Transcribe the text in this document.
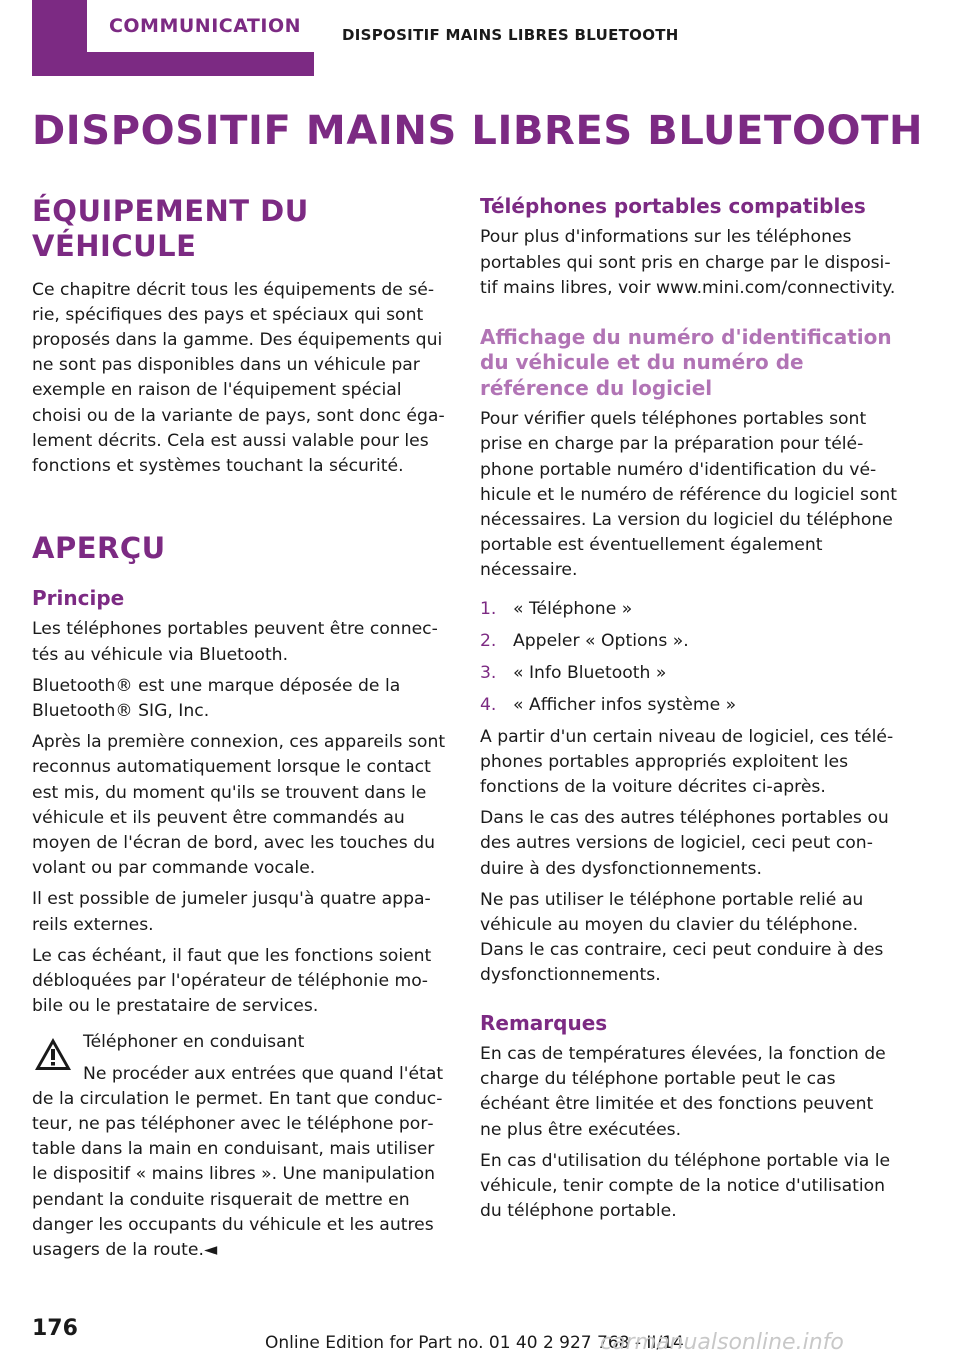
COMMUNICATION	DISPOSITIF MAINS LIBRES BLUETOOTH
DISPOSITIF MAINS LIBRES BLUETOOTH
ÉQUIPEMENT DU VÉHICULE

Ce chapitre décrit tous les équipements de série, spécifiques des pays et spéciaux qui sont proposés dans la gamme. Des équipements qui ne sont pas disponibles dans un véhicule par exemple en raison de l'équipement spécial choisi ou de la variante de pays, sont donc également décrits. Cela est aussi valable pour les fonctions et systèmes touchant la sécurité.

APERÇU
Principe

Les téléphones portables peuvent être connectés au véhicule via Bluetooth.

Bluetooth® est une marque déposée de la Bluetooth® SIG, Inc.

Après la première connexion, ces appareils sont reconnus automatiquement lorsque le contact est mis, du moment qu'ils se trouvent dans le véhicule et ils peuvent être commandés au moyen de l'écran de bord, avec les touches du volant ou par commande vocale.

Il est possible de jumeler jusqu'à quatre appareils externes.

Le cas échéant, il faut que les fonctions soient débloquées par l'opérateur de téléphonie mobile ou le prestataire de services.

Téléphoner en conduisant

Ne procéder aux entrées que quand l'état de la circulation le permet. En tant que conducteur, ne pas téléphoner avec le téléphone portable dans la main en conduisant, mais utiliser le dispositif « mains libres ». Une manipulation pendant la conduite risquerait de mettre en danger les occupants du véhicule et les autres usagers de la route.◄

Téléphones portables compatibles

Pour plus d'informations sur les téléphones portables qui sont pris en charge par le dispositif mains libres, voir www.mini.com/connectivity.

Affichage du numéro d'identification du véhicule et du numéro de référence du logiciel

Pour vérifier quels téléphones portables sont prise en charge par la préparation pour téléphone portable numéro d'identification du véhicule et le numéro de référence du logiciel sont nécessaires. La version du logiciel du téléphone portable est éventuellement également nécessaire.

1. « Téléphone »
2. Appeler « Options ».
3. « Info Bluetooth »
4. « Afficher infos système »

A partir d'un certain niveau de logiciel, ces téléphones portables appropriés exploitent les fonctions de la voiture décrites ci-après.

Dans le cas des autres téléphones portables ou des autres versions de logiciel, ceci peut conduire à des dysfonctionnements.

Ne pas utiliser le téléphone portable relié au véhicule au moyen du clavier du téléphone. Dans le cas contraire, ceci peut conduire à des dysfonctionnements.

Remarques

En cas de températures élevées, la fonction de charge du téléphone portable peut le cas échéant être limitée et des fonctions peuvent ne plus être exécutées.

En cas d'utilisation du téléphone portable via le véhicule, tenir compte de la notice d'utilisation du téléphone portable.

176
Online Edition for Part no. 01 40 2 927 768 - II/14
carmanualsonline.info
